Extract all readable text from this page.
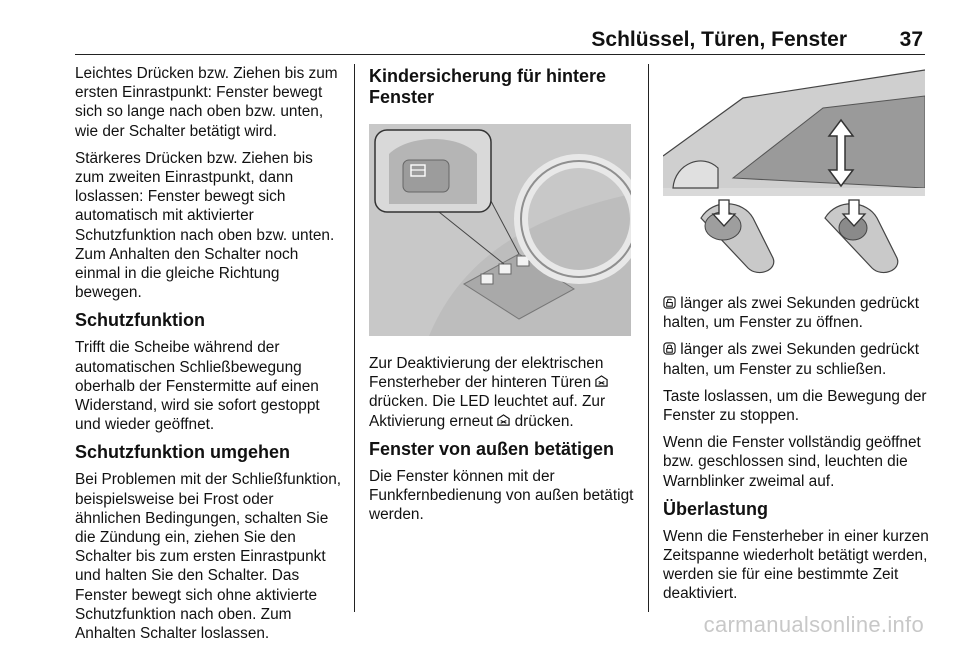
Schlüssel, Türen, Fenster	37

Leichtes Drücken bzw. Ziehen bis zum ersten Einrastpunkt: Fenster bewegt sich so lange nach oben bzw. unten, wie der Schalter betätigt wird.

Stärkeres Drücken bzw. Ziehen bis zum zweiten Einrastpunkt, dann loslassen: Fenster bewegt sich automatisch mit aktivierter Schutzfunktion nach oben bzw. unten. Zum Anhalten den Schalter noch einmal in die gleiche Richtung bewegen.

Schutzfunktion

Trifft die Scheibe während der automatischen Schließbewegung oberhalb der Fenstermitte auf einen Widerstand, wird sie sofort gestoppt und wieder geöffnet.

Schutzfunktion umgehen

Bei Problemen mit der Schließfunktion, beispielsweise bei Frost oder ähnlichen Bedingungen, schalten Sie die Zündung ein, ziehen Sie den Schalter bis zum ersten Einrastpunkt und halten Sie den Schalter. Das Fenster bewegt sich ohne aktivierte Schutzfunktion nach oben. Zum Anhalten Schalter loslassen.

Kindersicherung für hintere Fenster

Zur Deaktivierung der elektrischen Fensterheber der hinteren Türen  drücken. Die LED leuchtet auf. Zur Aktivierung erneut drücken.

Fenster von außen betätigen

Die Fenster können mit der Funkfernbedienung von außen betätigt werden.

länger als zwei Sekunden gedrückt halten, um Fenster zu öffnen.

länger als zwei Sekunden gedrückt halten, um Fenster zu schließen.

Taste loslassen, um die Bewegung der Fenster zu stoppen.

Wenn die Fenster vollständig geöffnet bzw. geschlossen sind, leuchten die Warnblinker zweimal auf.

Überlastung

Wenn die Fensterheber in einer kurzen Zeitspanne wiederholt betätigt werden, werden sie für eine bestimmte Zeit deaktiviert.

carmanualsonline.info
